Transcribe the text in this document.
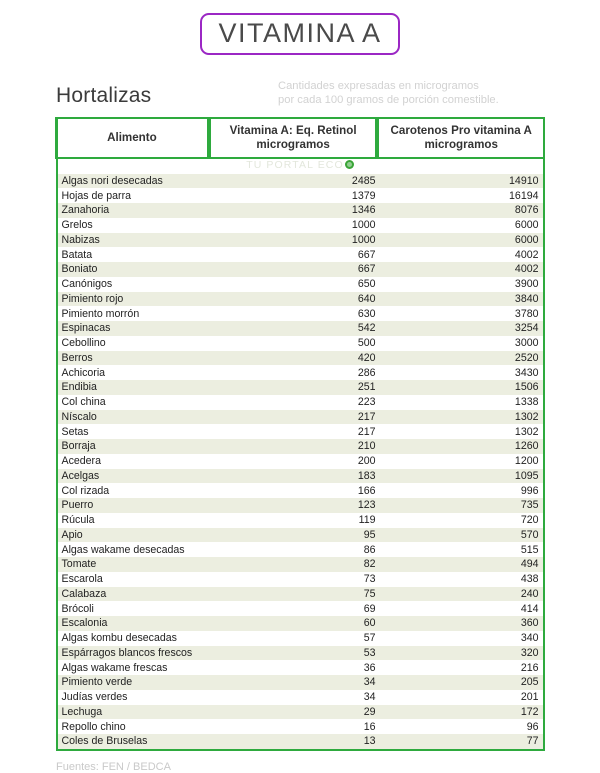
VITAMINA A
Hortalizas	Cantidades expresadas en microgramos
por cada 100 gramos de porción comestible.
Alimento
Vitamina A: Eq. Retinol
microgramos
Carotenos Pro vitamina A
microgramos
TU PORTAL ECO
Algas nori desecadas	2485	14910
Hojas de parra	1379	16194
Zanahoria	1346	8076
Grelos	1000	6000
Nabizas	1000	6000
Batata	667	4002
Boniato	667	4002
Canónigos	650	3900
Pimiento rojo	640	3840
Pimiento morrón	630	3780
Espinacas	542	3254
Cebollino	500	3000
Berros	420	2520
Achicoria	286	3430
Endibia	251	1506
Col china	223	1338
Níscalo	217	1302
Setas	217	1302
Borraja	210	1260
Acedera	200	1200
Acelgas	183	1095
Col rizada	166	996
Puerro	123	735
Rúcula	119	720
Apio	95	570
Algas wakame desecadas	86	515
Tomate	82	494
Escarola	73	438
Calabaza	75	240
Brócoli	69	414
Escalonia	60	360
Algas kombu desecadas	57	340
Espárragos blancos frescos	53	320
Algas wakame frescas	36	216
Pimiento verde	34	205
Judías verdes	34	201
Lechuga	29	172
Repollo chino	16	96
Coles de Bruselas	13	77
Fuentes: FEN / BEDCA
